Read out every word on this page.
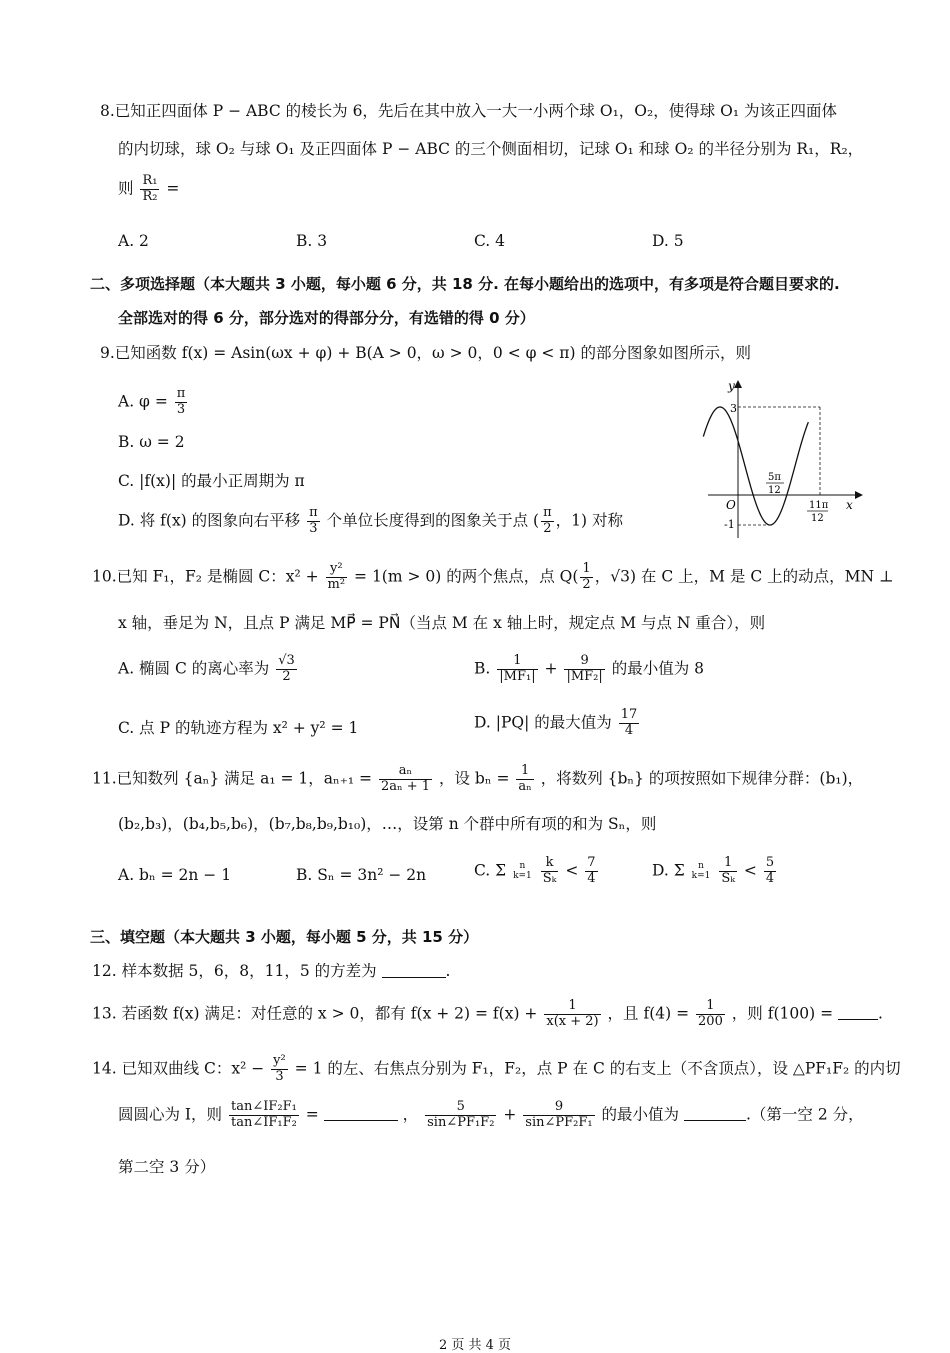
8.已知正四面体 P − ABC 的棱长为 6，先后在其中放入一大一小两个球 O₁，O₂，使得球 O₁ 为该正四面体
的内切球，球 O₂ 与球 O₁ 及正四面体 P − ABC 的三个侧面相切，记球 O₁ 和球 O₂ 的半径分别为 R₁，R₂，
则 $\frac{\text{R₁}}{\text{R₂}}$ =
A. 2	B. 3	C. 4	D. 5
二、多项选择题（本大题共 3 小题，每小题 6 分，共 18 分. 在每小题给出的选项中，有多项是符合题目要求的.
全部选对的得 6 分，部分选对的得部分分，有选错的得 0 分）
9.已知函数 f(x) = Asin(ωx + φ) + B(A > 0，ω > 0，0 < φ < π) 的部分图象如图所示，则
A. $\varphi = \frac{\pi}{3}$
B. ω = 2
C. |f(x)| 的最小正周期为 π
D. 将 f(x) 的图象向右平移 $\frac{\pi}{3}$ 个单位长度得到的图象关于点 ( $\frac{\pi}{2}$ ，1) 对称
y
x
O
3
-1
5π
12
11π
12
10.已知 F₁，F₂ 是椭圆 C：$x^2 + \frac{\text{y²}}{\text{m²}} = 1(m > 0)$ 的两个焦点，点 $Q( \frac{1}{2}$ ，√3) 在 C 上，M 是 C 上的动点，MN ⊥
x 轴，垂足为 N，且点 P 满足 MP⃗ = PN⃗（当点 M 在 x 轴上时，规定点 M 与点 N 重合），则
A. 椭圆 C 的离心率为 $\frac{√3}{2}$	B. $\frac{1}{\text{|MF₁|}} + \frac{9}{\text{|MF₂|}}$ 的最小值为 8
C. 点 P 的轨迹方程为 x² + y² = 1	D. |PQ| 的最大值为 $\frac{17}{4}$
11.已知数列 {aₙ} 满足 a₁ = 1，$a_{n+1} = \frac{\text{aₙ}}{\text{2aₙ + 1}}$ ，设 $b_n = \frac{1}{\text{aₙ}}$ ，将数列 {bₙ} 的项按照如下规律分群：(b₁)，
(b₂,b₃)，(b₄,b₅,b₆)，(b₇,b₈,b₉,b₁₀)，…，设第 n 个群中所有项的和为 Sₙ，则
A. bₙ = 2n − 1	B. Sₙ = 3n² − 2n	C. Σ	n
k=1
$\frac{k}{\text{Sₖ}} < \frac{7}{4}$	D. Σ	n
k=1
$\frac{1}{\text{Sₖ}} < \frac{5}{4}$
三、填空题（本大题共 3 小题，每小题 5 分，共 15 分）
12. 样本数据 5，6，8，11，5 的方差为	.
13. 若函数 f(x) 满足：对任意的 x > 0，都有 $f(x + 2) = f(x) + \frac{1}{x(x + 2)}$ ，且 $f(4) = \frac{1}{200}$ ，则 f(100) =	.
14. 已知双曲线 C：$x^2 - \frac{\text{y²}}{3} = 1$ 的左、右焦点分别为 F₁，F₂，点 P 在 C 的右支上（不含顶点），设 △PF₁F₂ 的内切
圆圆心为 I，则 $\frac{\text{tan∠IF₂F₁}}{\text{tan∠IF₁F₂}}$ =	， $\frac{5}{\text{sin∠PF₁F₂}} + \frac{9}{\text{sin∠PF₂F₁}}$ 的最小值为	.（第一空 2 分，
第二空 3 分）
2 页 共 4 页
